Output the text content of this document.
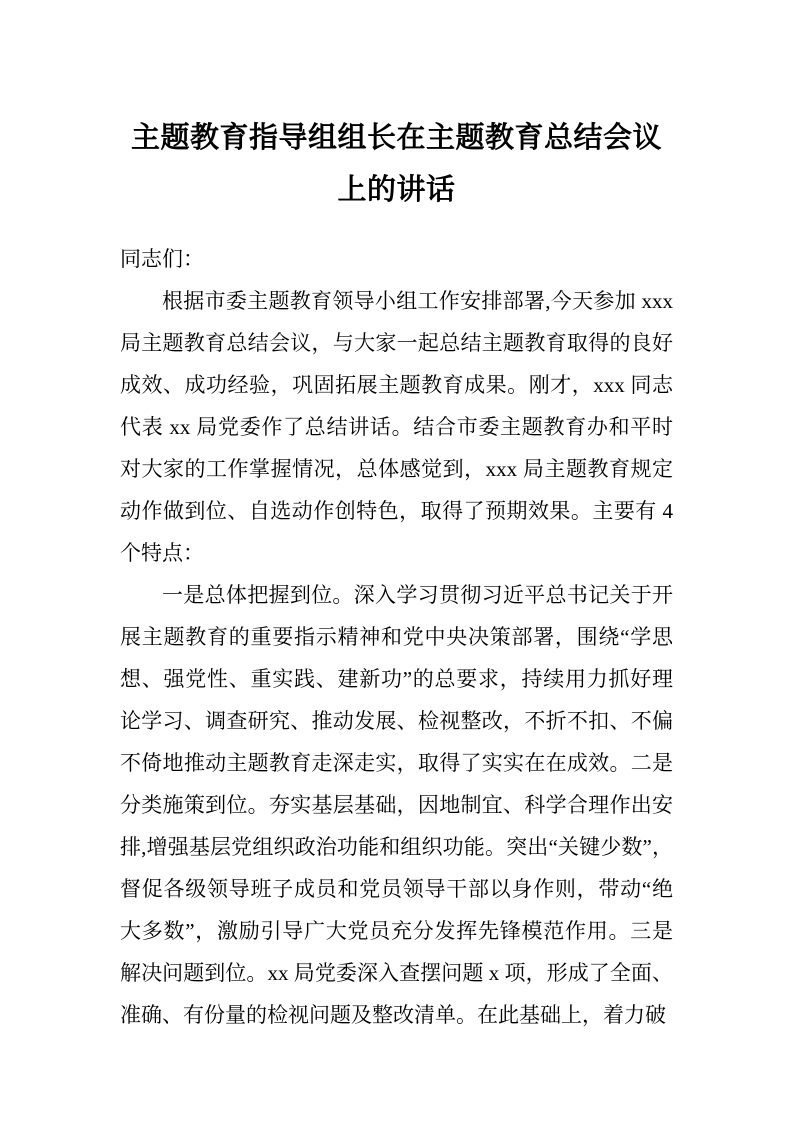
主题教育指导组组长在主题教育总结会议上的讲话

同志们：

根据市委主题教育领导小组工作安排部署,今天参加 xxx 局主题教育总结会议，与大家一起总结主题教育取得的良好成效、成功经验，巩固拓展主题教育成果。刚才，xxx 同志代表 xx 局党委作了总结讲话。结合市委主题教育办和平时对大家的工作掌握情况，总体感觉到，xxx 局主题教育规定动作做到位、自选动作创特色，取得了预期效果。主要有 4 个特点：

一是总体把握到位。深入学习贯彻习近平总书记关于开展主题教育的重要指示精神和党中央决策部署，围绕“学思想、强党性、重实践、建新功”的总要求，持续用力抓好理论学习、调查研究、推动发展、检视整改，不折不扣、不偏不倚地推动主题教育走深走实，取得了实实在在成效。二是分类施策到位。夯实基层基础，因地制宜、科学合理作出安排,增强基层党组织政治功能和组织功能。突出“关键少数”，督促各级领导班子成员和党员领导干部以身作则，带动“绝大多数”，激励引导广大党员充分发挥先锋模范作用。三是解决问题到位。xx 局党委深入查摆问题 x 项，形成了全面、准确、有份量的检视问题及整改清单。在此基础上，着力破
